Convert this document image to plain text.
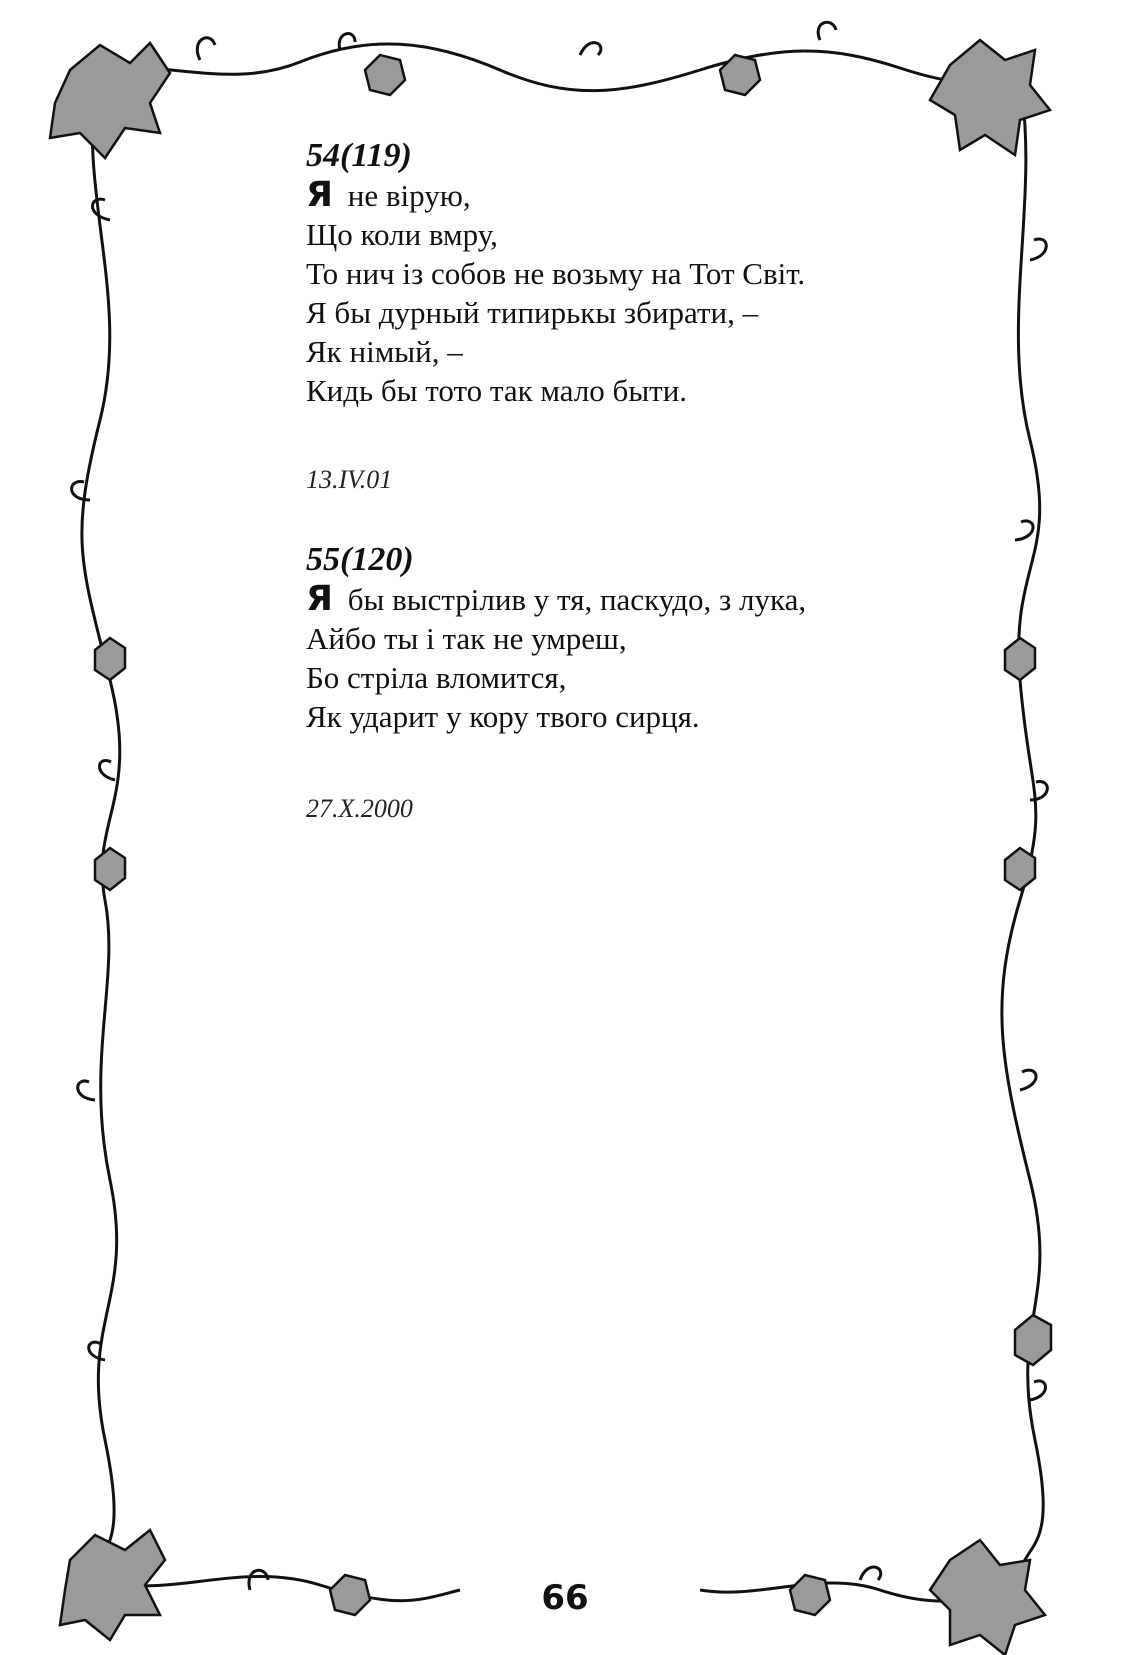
54(119)

Я не вірую,
Що коли вмру,
То нич із собов не возьму на Тот Світ.
Я бы дурный типирькы збирати, –
Як німый, –
Кидь бы тото так мало быти.
13.IV.01

55(120)

Я бы выстрілив у тя, паскудо, з лука,
Айбо ты і так не умреш,
Бо стріла вломится,
Як ударит у кору твого сирця.
27.X.2000
66
